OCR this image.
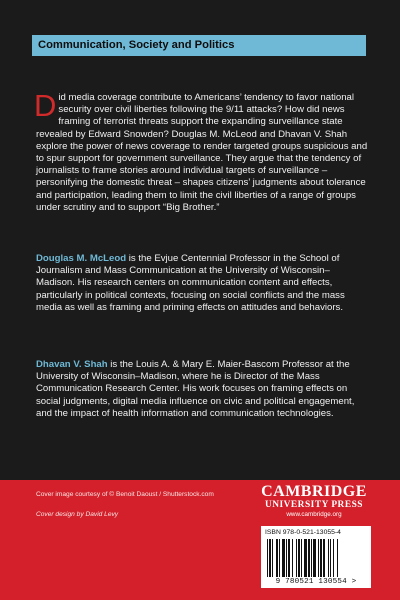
Communication, Society and Politics

Did media coverage contribute to Americans’ tendency to favor national security over civil liberties following the 9/11 attacks? How did news framing of terrorist threats support the expanding surveillance state revealed by Edward Snowden? Douglas M. McLeod and Dhavan V. Shah explore the power of news coverage to render targeted groups suspicious and to spur support for government surveillance. They argue that the tendency of journalists to frame stories around individual targets of surveillance – personifying the domestic threat – shapes citizens’ judgments about tolerance and participation, leading them to limit the civil liberties of a range of groups under scrutiny and to support “Big Brother.”

Douglas M. McLeod is the Evjue Centennial Professor in the School of Journalism and Mass Communication at the University of Wisconsin–Madison. His research centers on communication content and effects, particularly in political contexts, focusing on social conflicts and the mass media as well as framing and priming effects on attitudes and behaviors.

Dhavan V. Shah is the Louis A. & Mary E. Maier-Bascom Professor at the University of Wisconsin–Madison, where he is Director of the Mass Communication Research Center. His work focuses on framing effects on social judgments, digital media influence on civic and political engagement, and the impact of health information and communication technologies.

Cover image courtesy of © Benoit Daoust / Shutterstock.com
Cover design by David Levy
CAMBRIDGE
UNIVERSITY PRESS
www.cambridge.org
ISBN 978-0-521-13055-4
9 780521 130554 >
